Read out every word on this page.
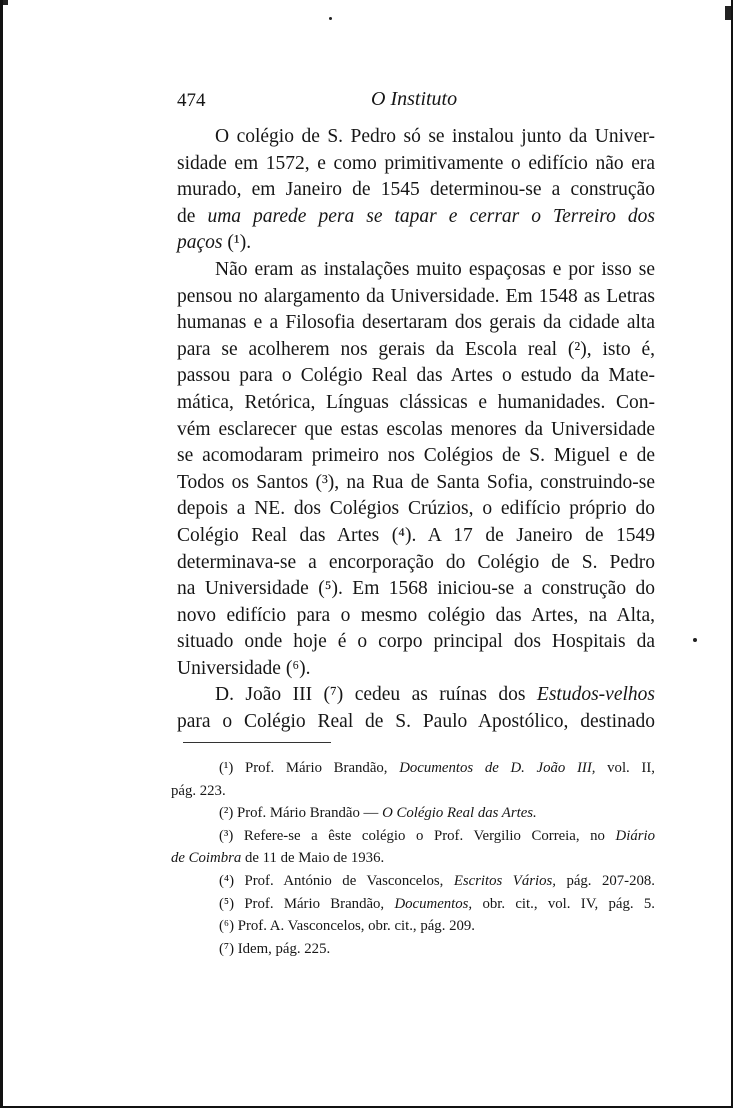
474	O Instituto
O colégio de S. Pedro só se instalou junto da Univer-
sidade em 1572, e como primitivamente o edifício não era
murado, em Janeiro de 1545 determinou-se a construção
de uma parede pera se tapar e cerrar o Terreiro dos
paços (¹).
Não eram as instalações muito espaçosas e por isso se
pensou no alargamento da Universidade. Em 1548 as Letras
humanas e a Filosofia desertaram dos gerais da cidade alta
para se acolherem nos gerais da Escola real (²), isto é,
passou para o Colégio Real das Artes o estudo da Mate-
mática, Retórica, Línguas clássicas e humanidades. Con-
vém esclarecer que estas escolas menores da Universidade
se acomodaram primeiro nos Colégios de S. Miguel e de
Todos os Santos (³), na Rua de Santa Sofia, construindo-se
depois a NE. dos Colégios Crúzios, o edifício próprio do
Colégio Real das Artes (⁴). A 17 de Janeiro de 1549
determinava-se a encorporação do Colégio de S. Pedro
na Universidade (⁵). Em 1568 iniciou-se a construção do
novo edifício para o mesmo colégio das Artes, na Alta,
situado onde hoje é o corpo principal dos Hospitais da
Universidade (⁶).
D. João III (⁷) cedeu as ruínas dos Estudos-velhos
para o Colégio Real de S. Paulo Apostólico, destinado
(¹) Prof. Mário Brandão, Documentos de D. João III, vol. II,
pág. 223.
(²) Prof. Mário Brandão — O Colégio Real das Artes.
(³) Refere-se a êste colégio o Prof. Vergilio Correia, no Diário
de Coimbra de 11 de Maio de 1936.
(⁴) Prof. António de Vasconcelos, Escritos Vários, pág. 207-208.
(⁵) Prof. Mário Brandão, Documentos, obr. cit., vol. IV, pág. 5.
(⁶) Prof. A. Vasconcelos, obr. cit., pág. 209.
(⁷) Idem, pág. 225.
